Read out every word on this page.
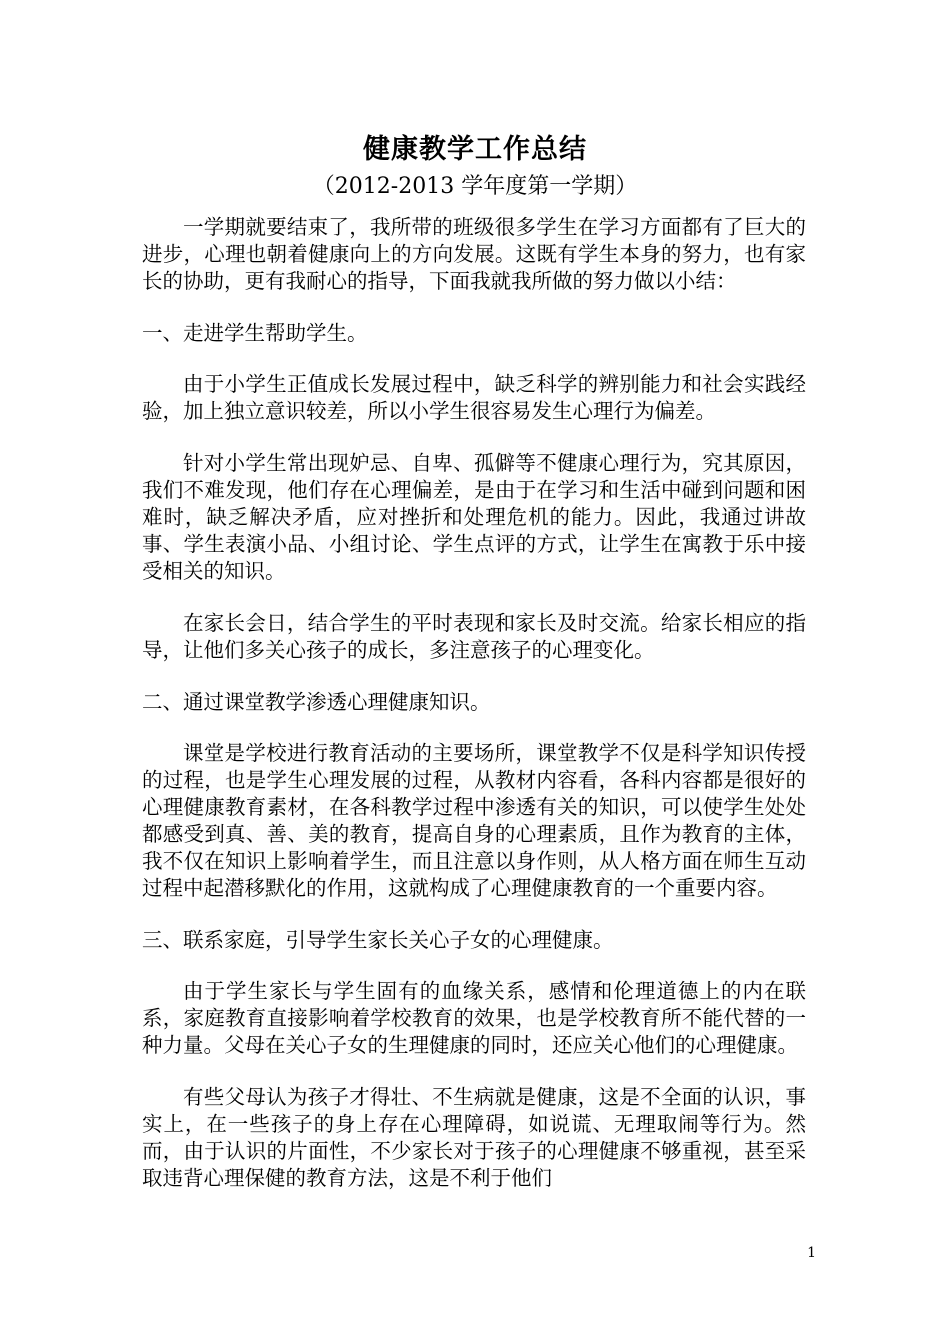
健康教学工作总结
（2012-2013 学年度第一学期）

一学期就要结束了，我所带的班级很多学生在学习方面都有了巨大的进步，心理也朝着健康向上的方向发展。这既有学生本身的努力，也有家长的协助，更有我耐心的指导，下面我就我所做的努力做以小结：

一、走进学生帮助学生。

由于小学生正值成长发展过程中，缺乏科学的辨别能力和社会实践经验，加上独立意识较差，所以小学生很容易发生心理行为偏差。

针对小学生常出现妒忌、自卑、孤僻等不健康心理行为，究其原因，我们不难发现，他们存在心理偏差，是由于在学习和生活中碰到问题和困难时，缺乏解决矛盾，应对挫折和处理危机的能力。因此，我通过讲故事、学生表演小品、小组讨论、学生点评的方式，让学生在寓教于乐中接受相关的知识。

在家长会日，结合学生的平时表现和家长及时交流。给家长相应的指导，让他们多关心孩子的成长，多注意孩子的心理变化。

二、通过课堂教学渗透心理健康知识。

课堂是学校进行教育活动的主要场所，课堂教学不仅是科学知识传授的过程，也是学生心理发展的过程，从教材内容看，各科内容都是很好的心理健康教育素材，在各科教学过程中渗透有关的知识，可以使学生处处都感受到真、善、美的教育，提高自身的心理素质，且作为教育的主体，我不仅在知识上影响着学生，而且注意以身作则，从人格方面在师生互动过程中起潜移默化的作用，这就构成了心理健康教育的一个重要内容。

三、联系家庭，引导学生家长关心子女的心理健康。

由于学生家长与学生固有的血缘关系，感情和伦理道德上的内在联系，家庭教育直接影响着学校教育的效果，也是学校教育所不能代替的一种力量。父母在关心子女的生理健康的同时，还应关心他们的心理健康。

有些父母认为孩子才得壮、不生病就是健康，这是不全面的认识，事实上，在一些孩子的身上存在心理障碍，如说谎、无理取闹等行为。然而，由于认识的片面性，不少家长对于孩子的心理健康不够重视，甚至采取违背心理保健的教育方法，这是不利于他们

1
